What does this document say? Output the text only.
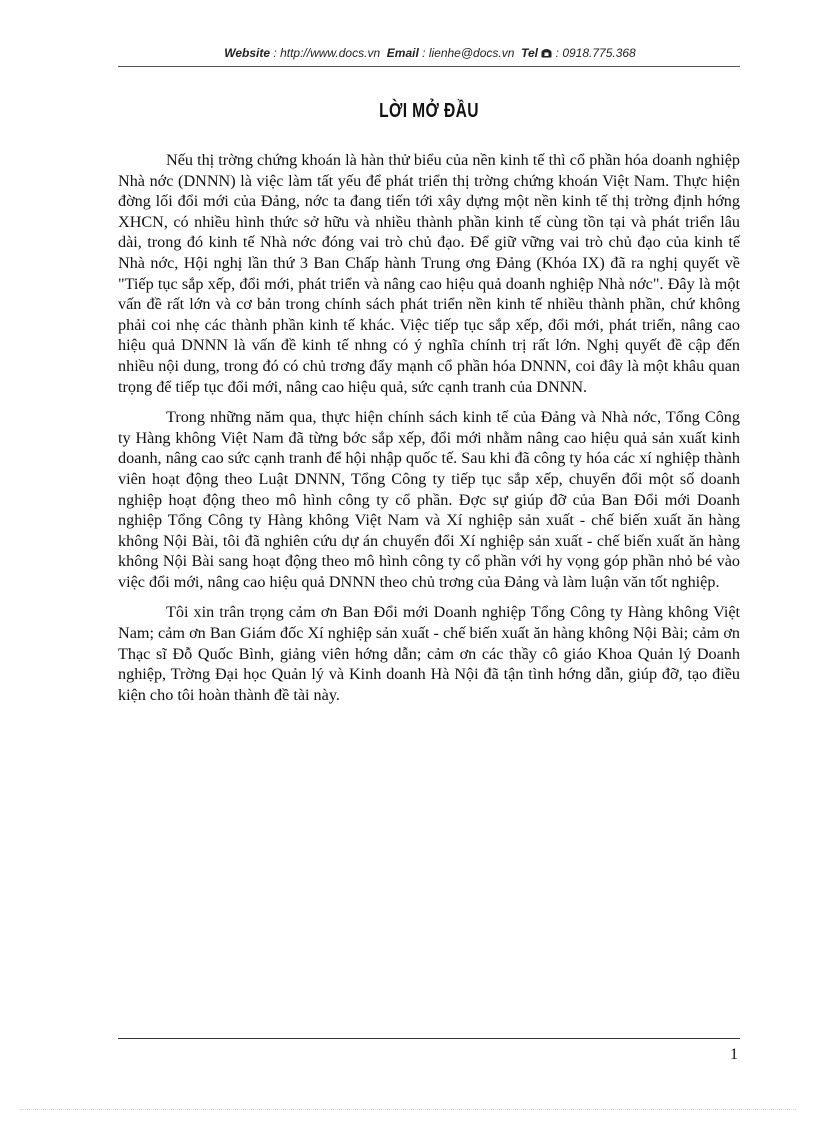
Website : http://www.docs.vn Email : lienhe@docs.vn Tel : 0918.775.368
LỜI MỞ ĐẦU

Nếu thị trờng chứng khoán là hàn thử biểu của nền kinh tế thì cổ phần hóa doanh nghiệp Nhà nớc (DNNN) là việc làm tất yếu để phát triển thị trờng chứng khoán Việt Nam. Thực hiện đờng lối đổi mới của Đảng, nớc ta đang tiến tới xây dựng một nền kinh tế thị trờng định hớng XHCN, có nhiều hình thức sở hữu và nhiều thành phần kinh tế cùng tồn tại và phát triển lâu dài, trong đó kinh tế Nhà nớc đóng vai trò chủ đạo. Để giữ vững vai trò chủ đạo của kinh tế Nhà nớc, Hội nghị lần thứ 3 Ban Chấp hành Trung ơng Đảng (Khóa IX) đã ra nghị quyết về "Tiếp tục sắp xếp, đổi mới, phát triển và nâng cao hiệu quả doanh nghiệp Nhà nớc". Đây là một vấn đề rất lớn và cơ bản trong chính sách phát triển nền kinh tế nhiều thành phần, chứ không phải coi nhẹ các thành phần kinh tế khác. Việc tiếp tục sắp xếp, đổi mới, phát triển, nâng cao hiệu quả DNNN là vấn đề kinh tế nhng có ý nghĩa chính trị rất lớn. Nghị quyết đề cập đến nhiều nội dung, trong đó có chủ trơng đẩy mạnh cổ phần hóa DNNN, coi đây là một khâu quan trọng để tiếp tục đổi mới, nâng cao hiệu quả, sức cạnh tranh của DNNN.

Trong những năm qua, thực hiện chính sách kinh tế của Đảng và Nhà nớc, Tổng Công ty Hàng không Việt Nam đã từng bớc sắp xếp, đổi mới nhằm nâng cao hiệu quả sản xuất kinh doanh, nâng cao sức cạnh tranh để hội nhập quốc tế. Sau khi đã công ty hóa các xí nghiệp thành viên hoạt động theo Luật DNNN, Tổng Công ty tiếp tục sắp xếp, chuyển đổi một số doanh nghiệp hoạt động theo mô hình công ty cổ phần. Đợc sự giúp đỡ của Ban Đổi mới Doanh nghiệp Tổng Công ty Hàng không Việt Nam và Xí nghiệp sản xuất - chế biến xuất ăn hàng không Nội Bài, tôi đã nghiên cứu dự án chuyển đổi Xí nghiệp sản xuất - chế biến xuất ăn hàng không Nội Bài sang hoạt động theo mô hình công ty cổ phần với hy vọng góp phần nhỏ bé vào việc đổi mới, nâng cao hiệu quả DNNN theo chủ trơng của Đảng và làm luận văn tốt nghiệp.

Tôi xin trân trọng cảm ơn Ban Đổi mới Doanh nghiệp Tổng Công ty Hàng không Việt Nam; cảm ơn Ban Giám đốc Xí nghiệp sản xuất - chế biến xuất ăn hàng không Nội Bài; cảm ơn Thạc sĩ Đỗ Quốc Bình, giảng viên hớng dẫn; cảm ơn các thầy cô giáo Khoa Quản lý Doanh nghiệp, Trờng Đại học Quản lý và Kinh doanh Hà Nội đã tận tình hớng dẫn, giúp đỡ, tạo điều kiện cho tôi hoàn thành đề tài này.

1
